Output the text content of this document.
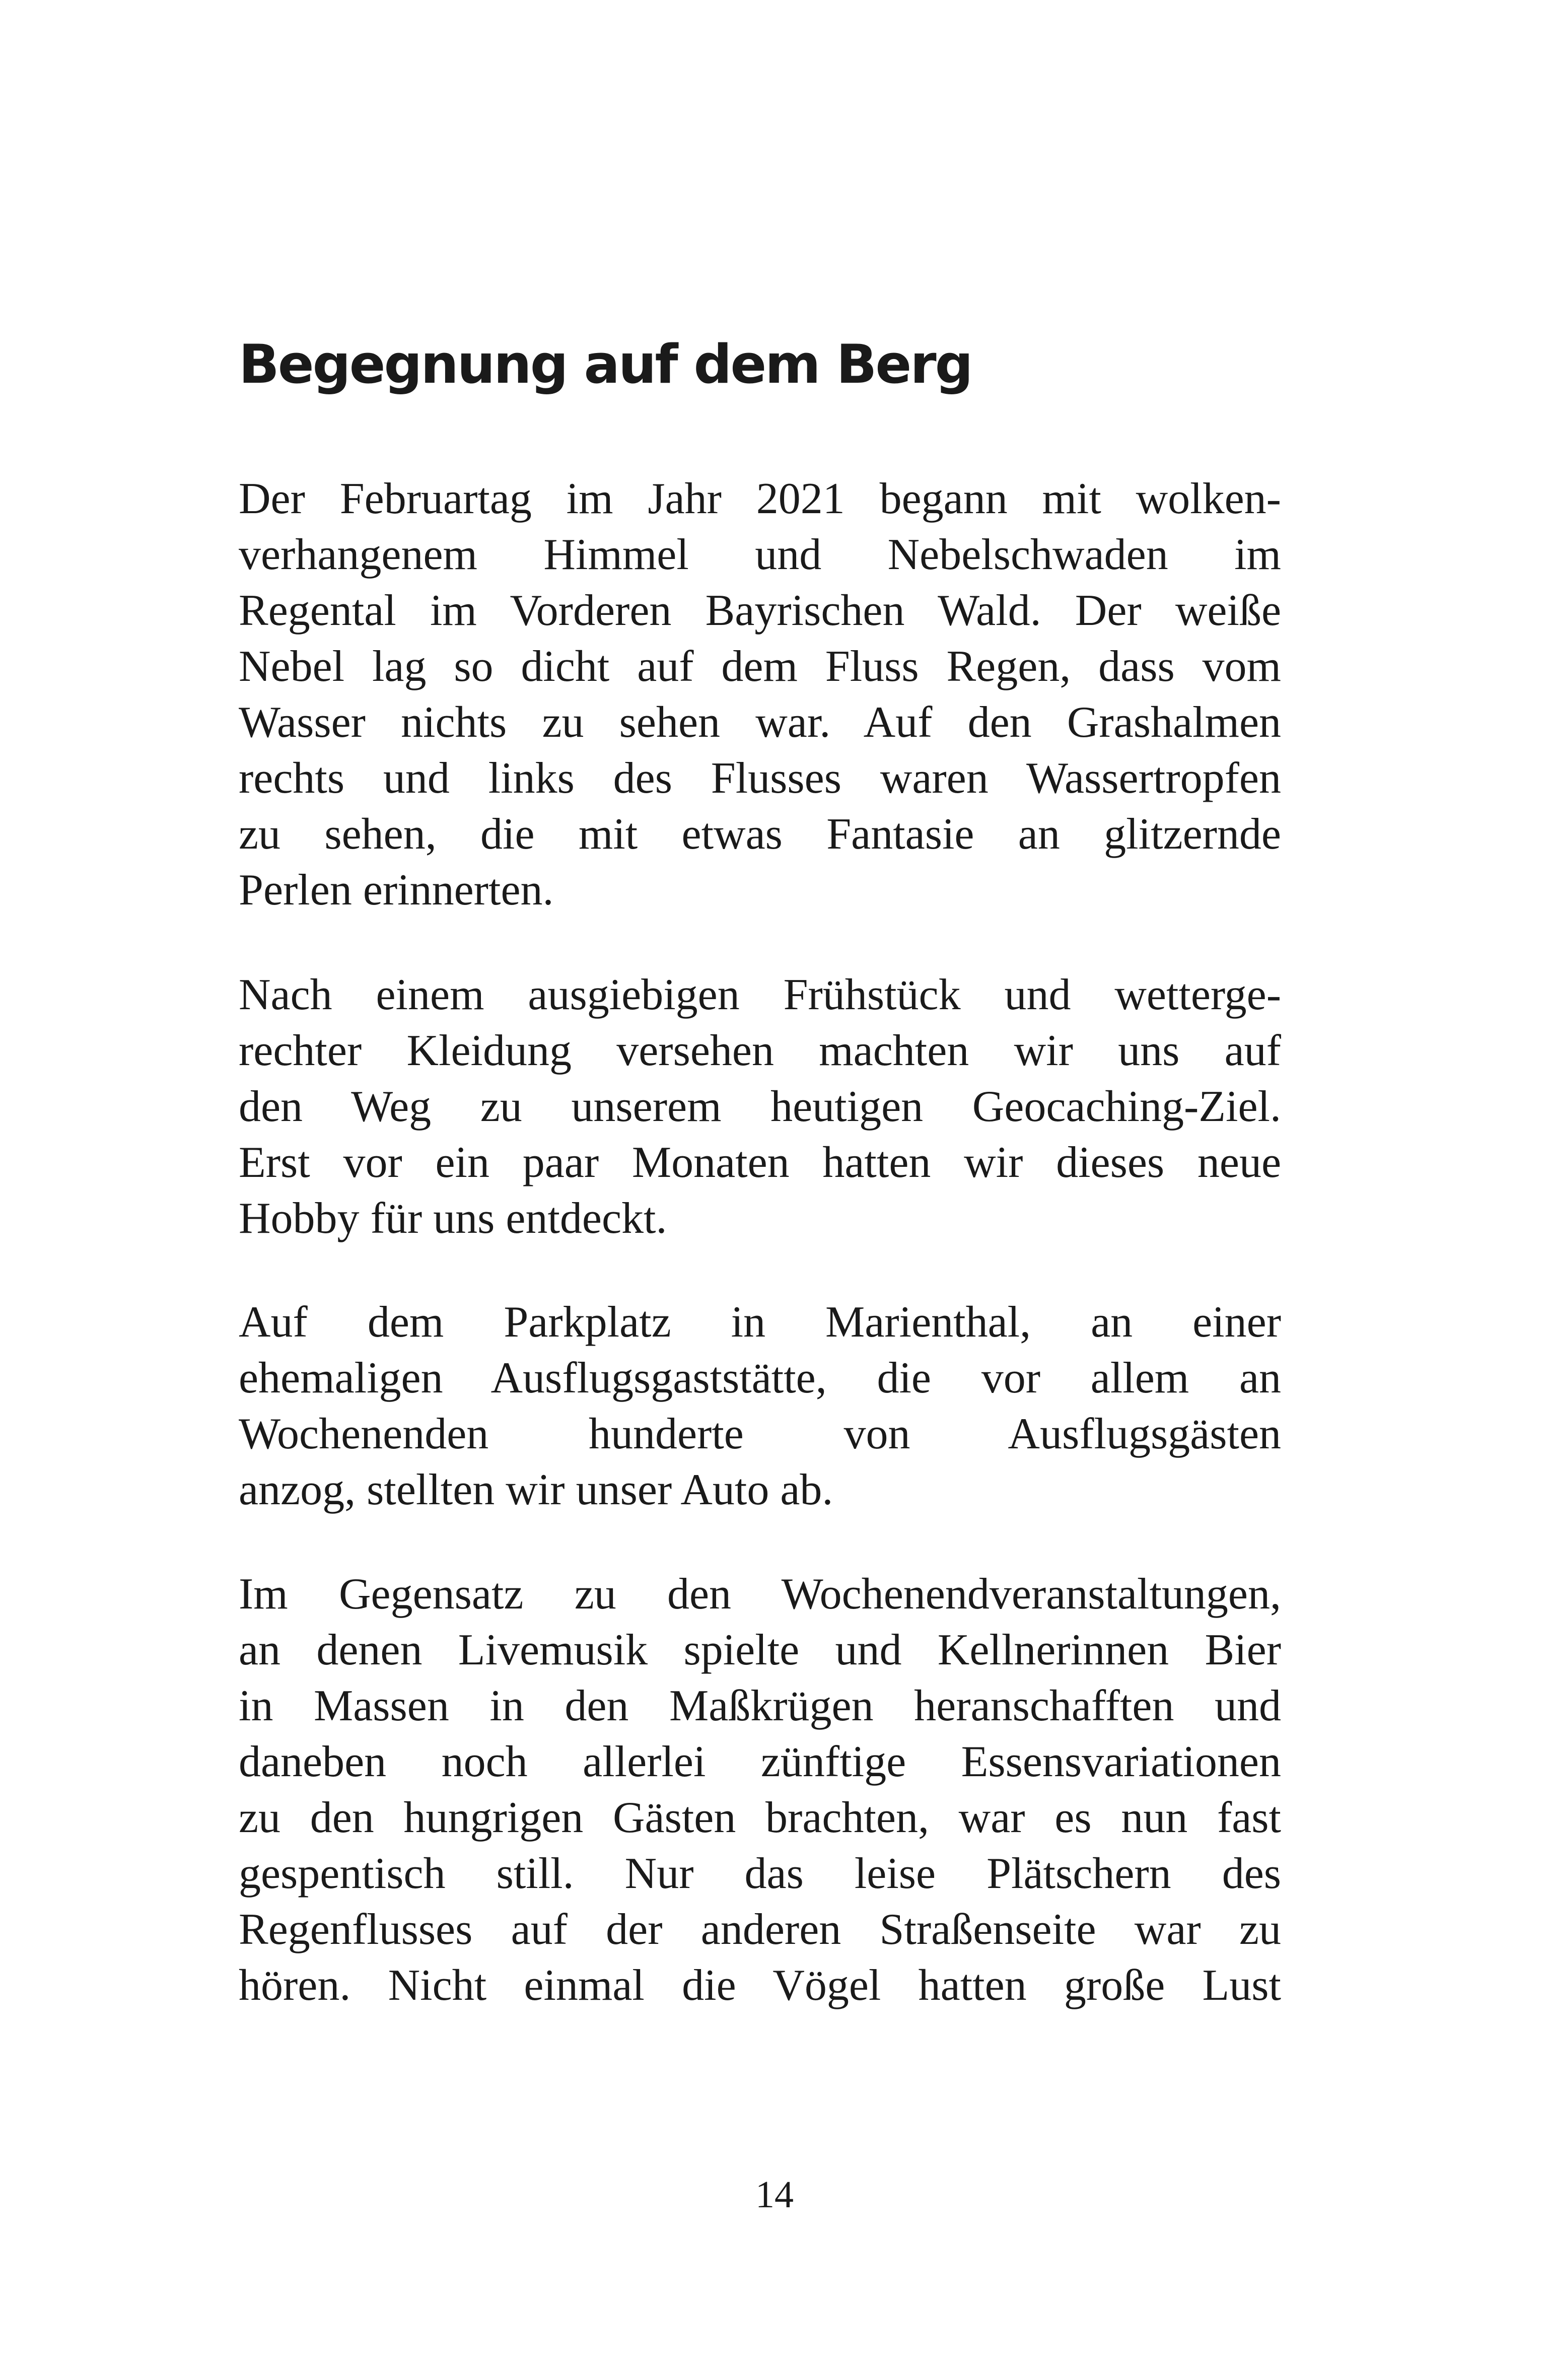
Begegnung auf dem Berg

Der Februartag im Jahr 2021 begann mit wolken-
verhangenem Himmel und Nebelschwaden im
Regental im Vorderen Bayrischen Wald. Der weiße
Nebel lag so dicht auf dem Fluss Regen, dass vom
Wasser nichts zu sehen war. Auf den Grashalmen
rechts und links des Flusses waren Wassertropfen
zu sehen, die mit etwas Fantasie an glitzernde
Perlen erinnerten.

Nach einem ausgiebigen Frühstück und wetterge-
rechter Kleidung versehen machten wir uns auf
den Weg zu unserem heutigen Geocaching-Ziel.
Erst vor ein paar Monaten hatten wir dieses neue
Hobby für uns entdeckt.

Auf dem Parkplatz in Marienthal, an einer
ehemaligen Ausflugsgaststätte, die vor allem an
Wochenenden hunderte von Ausflugsgästen
anzog, stellten wir unser Auto ab.

Im Gegensatz zu den Wochenendveranstaltungen,
an denen Livemusik spielte und Kellnerinnen Bier
in Massen in den Maßkrügen heranschafften und
daneben noch allerlei zünftige Essensvariationen
zu den hungrigen Gästen brachten, war es nun fast
gespentisch still. Nur das leise Plätschern des
Regenflusses auf der anderen Straßenseite war zu
hören. Nicht einmal die Vögel hatten große Lust

14
